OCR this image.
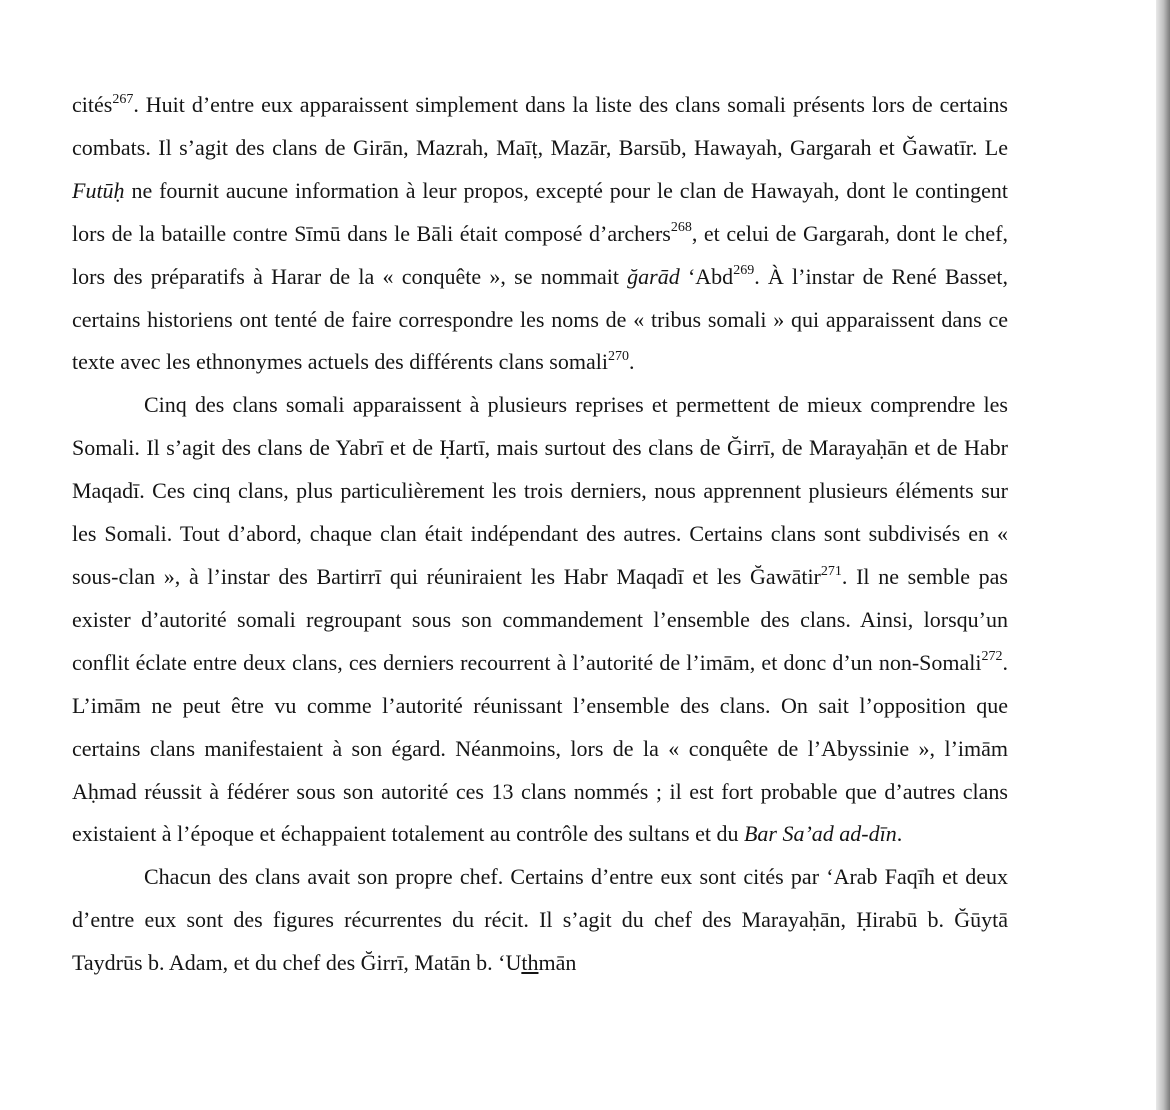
cités$^{267}$. Huit d’entre eux apparaissent simplement dans la liste des clans somali présents lors de certains combats. Il s’agit des clans de Girān, Mazrah, Maīṭ, Mazār, Barsūb, Hawayah, Gargarah et Ǧawatīr. Le Futūḥ ne fournit aucune information à leur propos, excepté pour le clan de Hawayah, dont le contingent lors de la bataille contre Sīmū dans le Bāli était composé d’archers$^{268}$, et celui de Gargarah, dont le chef, lors des préparatifs à Harar de la « conquête », se nommait ğarād ‘Abd$^{269}$. À l’instar de René Basset, certains historiens ont tenté de faire correspondre les noms de « tribus somali » qui apparaissent dans ce texte avec les ethnonymes actuels des différents clans somali$^{270}$.

Cinq des clans somali apparaissent à plusieurs reprises et permettent de mieux comprendre les Somali. Il s’agit des clans de Yabrī et de Ḥartī, mais surtout des clans de Ğirrī, de Marayaḥān et de Habr Maqadī. Ces cinq clans, plus particulièrement les trois derniers, nous apprennent plusieurs éléments sur les Somali. Tout d’abord, chaque clan était indépendant des autres. Certains clans sont subdivisés en « sous-clan », à l’instar des Bartirrī qui réuniraient les Habr Maqadī et les Ğawātir$^{271}$. Il ne semble pas exister d’autorité somali regroupant sous son commandement l’ensemble des clans. Ainsi, lorsqu’un conflit éclate entre deux clans, ces derniers recourrent à l’autorité de l’imām, et donc d’un non-Somali$^{272}$. L’imām ne peut être vu comme l’autorité réunissant l’ensemble des clans. On sait l’opposition que certains clans manifestaient à son égard. Néanmoins, lors de la « conquête de l’Abyssinie », l’imām Aḥmad réussit à fédérer sous son autorité ces 13 clans nommés ; il est fort probable que d’autres clans existaient à l’époque et échappaient totalement au contrôle des sultans et du Bar Sa’ad ad-dīn.

Chacun des clans avait son propre chef. Certains d’entre eux sont cités par ‘Arab Faqīh et deux d’entre eux sont des figures récurrentes du récit. Il s’agit du chef des Marayaḥān, Ḥirabū b. Ğūytā Taydrūs b. Adam, et du chef des Ğirrī, Matān b. ‘Uthmān
